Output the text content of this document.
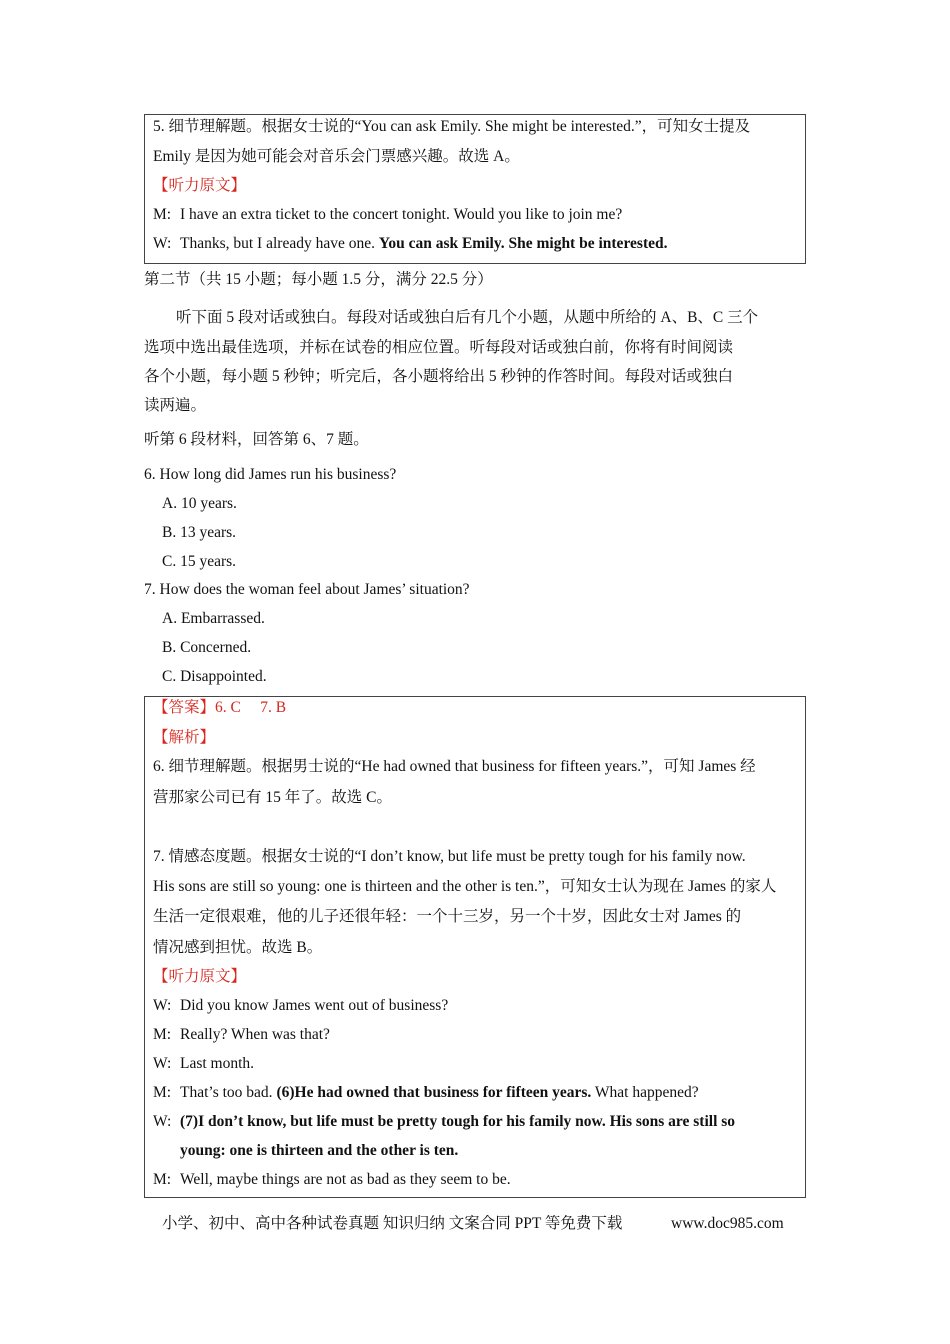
5. 细节理解题。根据女士说的“You can ask Emily. She might be interested.”，可知女士提及
Emily 是因为她可能会对音乐会门票感兴趣。故选 A。
【听力原文】
M: I have an extra ticket to the concert tonight. Would you like to join me?
W: Thanks, but I already have one. You can ask Emily. She might be interested.
第二节（共 15 小题；每小题 1.5 分，满分 22.5 分）
听下面 5 段对话或独白。每段对话或独白后有几个小题，从题中所给的 A、B、C 三个
选项中选出最佳选项，并标在试卷的相应位置。听每段对话或独白前，你将有时间阅读
各个小题，每小题 5 秒钟；听完后，各小题将给出 5 秒钟的作答时间。每段对话或独白
读两遍。
听第 6 段材料，回答第 6、7 题。
6. How long did James run his business?
A. 10 years.
B. 13 years.
C. 15 years.
7. How does the woman feel about James’ situation?
A. Embarrassed.
B. Concerned.
C. Disappointed.
【答案】6. C     7. B
【解析】
6. 细节理解题。根据男士说的“He had owned that business for fifteen years.”，可知 James 经
营那家公司已有 15 年了。故选 C。
7. 情感态度题。根据女士说的“I don’t know, but life must be pretty tough for his family now.
His sons are still so young: one is thirteen and the other is ten.”，可知女士认为现在 James 的家人
生活一定很艰难，他的儿子还很年轻：一个十三岁，另一个十岁，因此女士对 James 的
情况感到担忧。故选 B。
【听力原文】
W: Did you know James went out of business?
M: Really? When was that?
W: Last month.
M: That’s too bad. (6)He had owned that business for fifteen years. What happened?
W: (7)I don’t know, but life must be pretty tough for his family now. His sons are still so
young: one is thirteen and the other is ten.
M: Well, maybe things are not as bad as they seem to be.
小学、初中、高中各种试卷真题 知识归纳 文案合同 PPT 等免费下载	www.doc985.com
